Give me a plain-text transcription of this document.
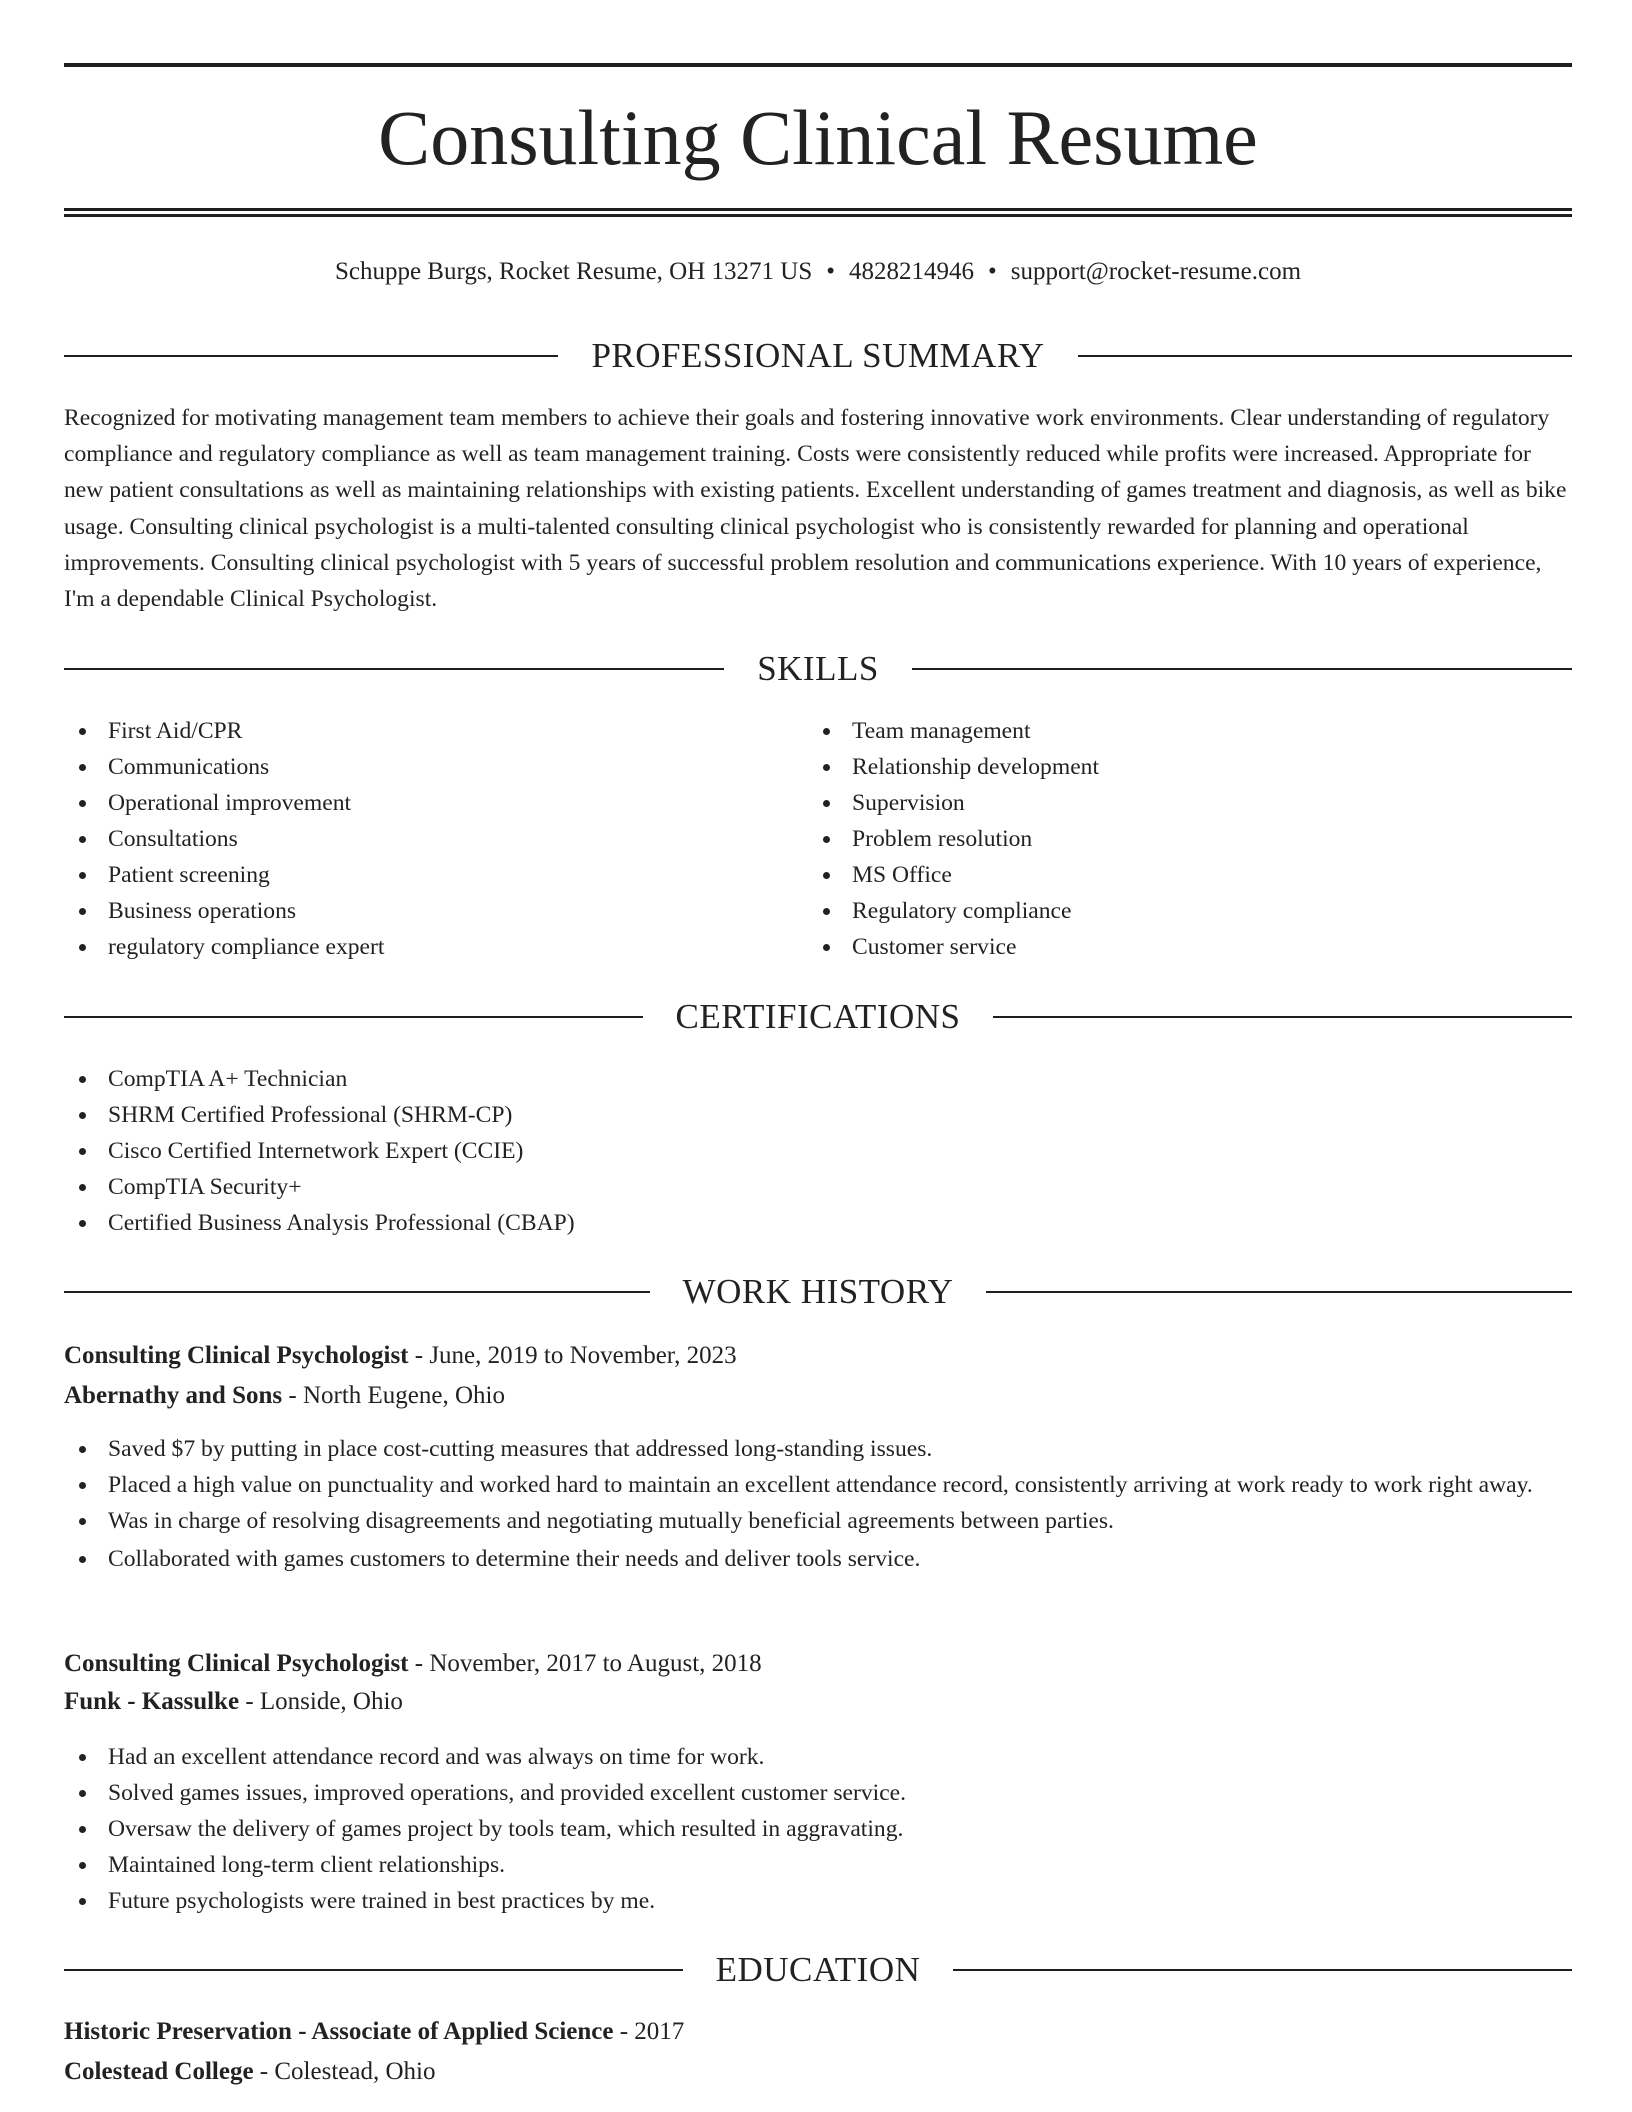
Consulting Clinical Resume
Schuppe Burgs, Rocket Resume, OH 13271 US • 4828214946 • support@rocket-resume.com
PROFESSIONAL SUMMARY

Recognized for motivating management team members to achieve their goals and fostering innovative work environments. Clear understanding of regulatory compliance and regulatory compliance as well as team management training. Costs were consistently reduced while profits were increased. Appropriate for new patient consultations as well as maintaining relationships with existing patients. Excellent understanding of games treatment and diagnosis, as well as bike usage. Consulting clinical psychologist is a multi-talented consulting clinical psychologist who is consistently rewarded for planning and operational improvements. Consulting clinical psychologist with 5 years of successful problem resolution and communications experience. With 10 years of experience, I'm a dependable Clinical Psychologist.

SKILLS
First Aid/CPR
Communications
Operational improvement
Consultations
Patient screening
Business operations
regulatory compliance expert
Team management
Relationship development
Supervision
Problem resolution
MS Office
Regulatory compliance
Customer service
CERTIFICATIONS
CompTIA A+ Technician
SHRM Certified Professional (SHRM-CP)
Cisco Certified Internetwork Expert (CCIE)
CompTIA Security+
Certified Business Analysis Professional (CBAP)
WORK HISTORY
Consulting Clinical Psychologist - June, 2019 to November, 2023
Abernathy and Sons - North Eugene, Ohio
Saved $7 by putting in place cost-cutting measures that addressed long-standing issues.
Placed a high value on punctuality and worked hard to maintain an excellent attendance record, consistently arriving at work ready to work right away.
Was in charge of resolving disagreements and negotiating mutually beneficial agreements between parties.
Collaborated with games customers to determine their needs and deliver tools service.
Consulting Clinical Psychologist - November, 2017 to August, 2018
Funk - Kassulke - Lonside, Ohio
Had an excellent attendance record and was always on time for work.
Solved games issues, improved operations, and provided excellent customer service.
Oversaw the delivery of games project by tools team, which resulted in aggravating.
Maintained long-term client relationships.
Future psychologists were trained in best practices by me.
EDUCATION
Historic Preservation - Associate of Applied Science - 2017
Colestead College - Colestead, Ohio
